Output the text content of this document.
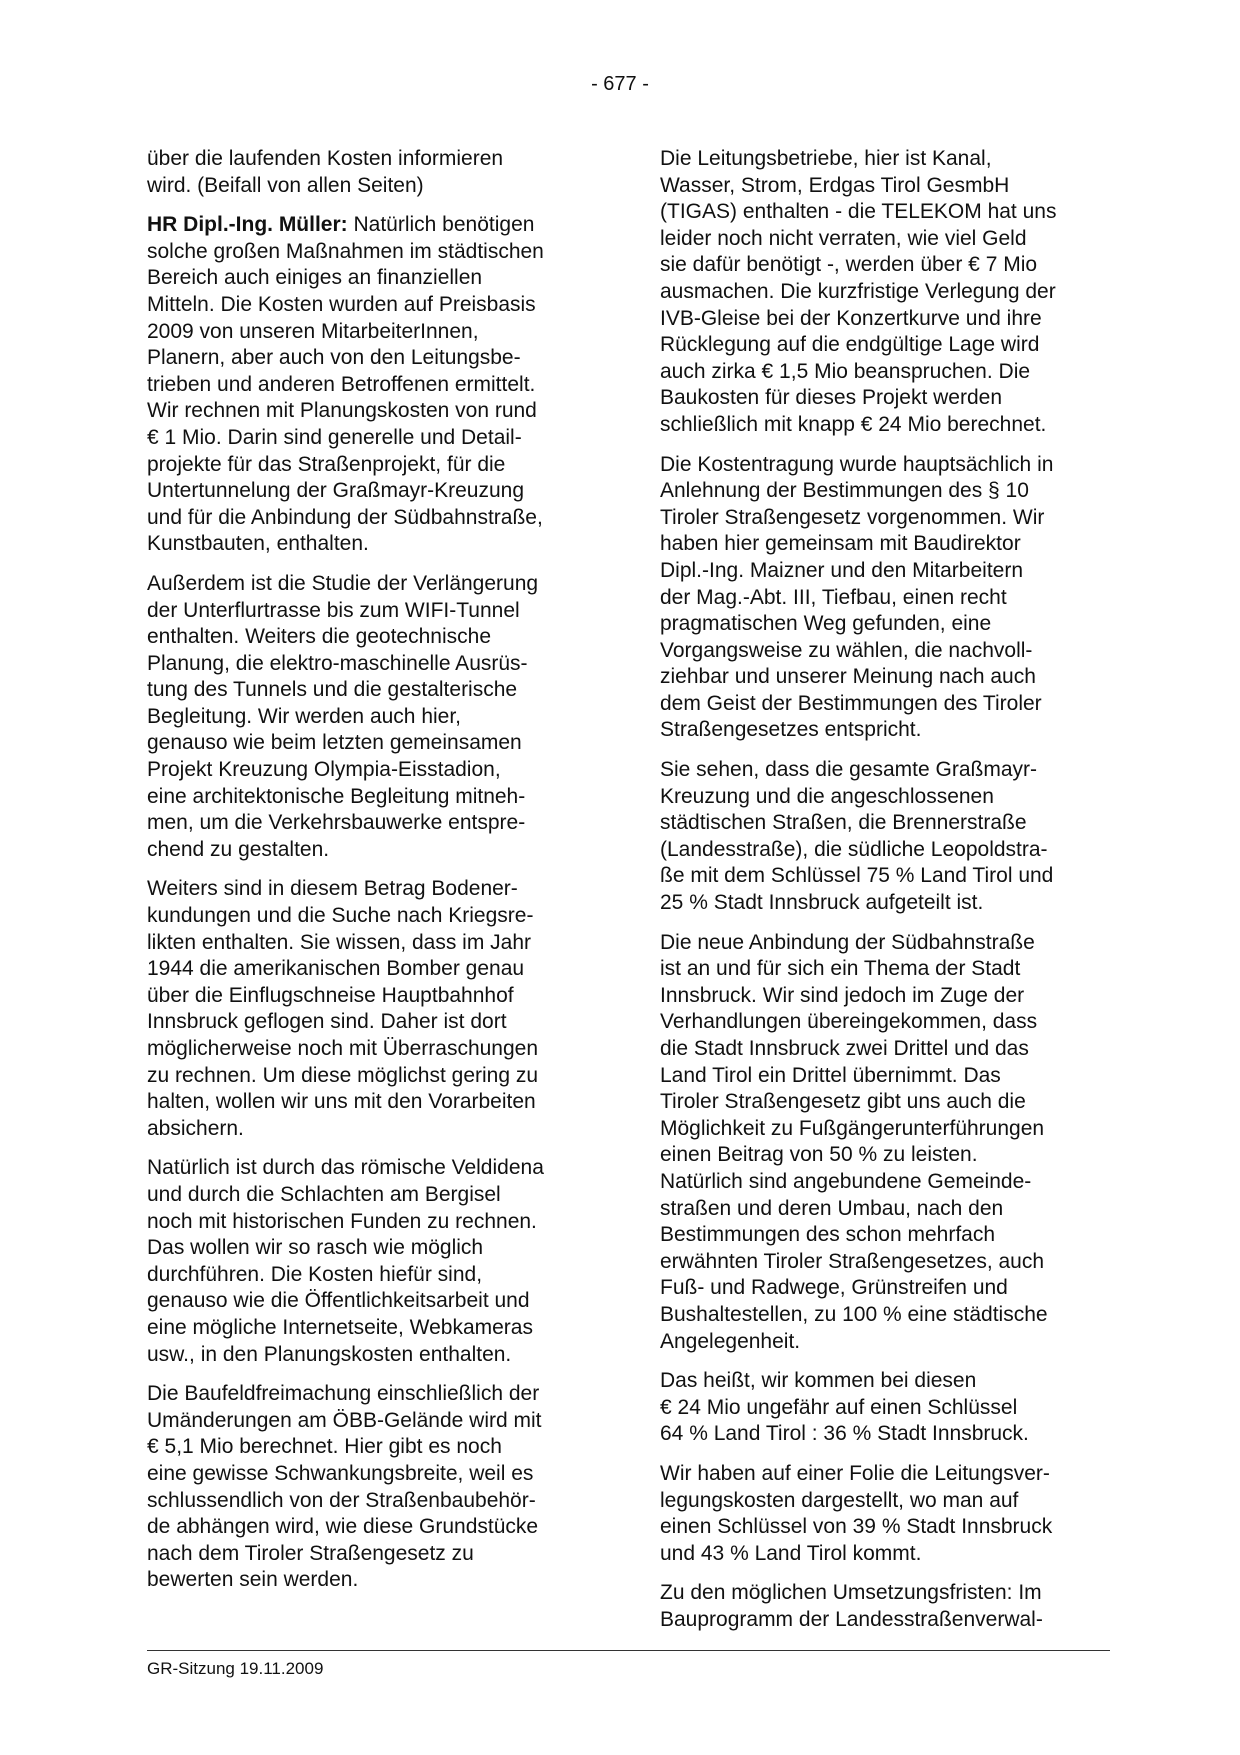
- 677 -

über die laufenden Kosten informieren
wird. (Beifall von allen Seiten)

HR Dipl.-Ing. Müller: Natürlich benötigen
solche großen Maßnahmen im städtischen
Bereich auch einiges an finanziellen
Mitteln. Die Kosten wurden auf Preisbasis
2009 von unseren MitarbeiterInnen,
Planern, aber auch von den Leitungsbe-
trieben und anderen Betroffenen ermittelt.
Wir rechnen mit Planungskosten von rund
€ 1 Mio. Darin sind generelle und Detail-
projekte für das Straßenprojekt, für die
Untertunnelung der Graßmayr-Kreuzung
und für die Anbindung der Südbahnstraße,
Kunstbauten, enthalten.

Außerdem ist die Studie der Verlängerung
der Unterflurtrasse bis zum WIFI-Tunnel
enthalten. Weiters die geotechnische
Planung, die elektro-maschinelle Ausrüs-
tung des Tunnels und die gestalterische
Begleitung. Wir werden auch hier,
genauso wie beim letzten gemeinsamen
Projekt Kreuzung Olympia-Eisstadion,
eine architektonische Begleitung mitneh-
men, um die Verkehrsbauwerke entspre-
chend zu gestalten.

Weiters sind in diesem Betrag Bodener-
kundungen und die Suche nach Kriegsre-
likten enthalten. Sie wissen, dass im Jahr
1944 die amerikanischen Bomber genau
über die Einflugschneise Hauptbahnhof
Innsbruck geflogen sind. Daher ist dort
möglicherweise noch mit Überraschungen
zu rechnen. Um diese möglichst gering zu
halten, wollen wir uns mit den Vorarbeiten
absichern.

Natürlich ist durch das römische Veldidena
und durch die Schlachten am Bergisel
noch mit historischen Funden zu rechnen.
Das wollen wir so rasch wie möglich
durchführen. Die Kosten hiefür sind,
genauso wie die Öffentlichkeitsarbeit und
eine mögliche Internetseite, Webkameras
usw., in den Planungskosten enthalten.

Die Baufeldfreimachung einschließlich der
Umänderungen am ÖBB-Gelände wird mit
€ 5,1 Mio berechnet. Hier gibt es noch
eine gewisse Schwankungsbreite, weil es
schlussendlich von der Straßenbaubehör-
de abhängen wird, wie diese Grundstücke
nach dem Tiroler Straßengesetz zu
bewerten sein werden.

Die Leitungsbetriebe, hier ist Kanal,
Wasser, Strom, Erdgas Tirol GesmbH
(TIGAS) enthalten - die TELEKOM hat uns
leider noch nicht verraten, wie viel Geld
sie dafür benötigt -, werden über € 7 Mio
ausmachen. Die kurzfristige Verlegung der
IVB-Gleise bei der Konzertkurve und ihre
Rücklegung auf die endgültige Lage wird
auch zirka € 1,5 Mio beanspruchen. Die
Baukosten für dieses Projekt werden
schließlich mit knapp € 24 Mio berechnet.

Die Kostentragung wurde hauptsächlich in
Anlehnung der Bestimmungen des § 10
Tiroler Straßengesetz vorgenommen. Wir
haben hier gemeinsam mit Baudirektor
Dipl.-Ing. Maizner und den Mitarbeitern
der Mag.-Abt. III, Tiefbau, einen recht
pragmatischen Weg gefunden, eine
Vorgangsweise zu wählen, die nachvoll-
ziehbar und unserer Meinung nach auch
dem Geist der Bestimmungen des Tiroler
Straßengesetzes entspricht.

Sie sehen, dass die gesamte Graßmayr-
Kreuzung und die angeschlossenen
städtischen Straßen, die Brennerstraße
(Landesstraße), die südliche Leopoldstra-
ße mit dem Schlüssel 75 % Land Tirol und
25 % Stadt Innsbruck aufgeteilt ist.

Die neue Anbindung der Südbahnstraße
ist an und für sich ein Thema der Stadt
Innsbruck. Wir sind jedoch im Zuge der
Verhandlungen übereingekommen, dass
die Stadt Innsbruck zwei Drittel und das
Land Tirol ein Drittel übernimmt. Das
Tiroler Straßengesetz gibt uns auch die
Möglichkeit zu Fußgängerunterführungen
einen Beitrag von 50 % zu leisten.
Natürlich sind angebundene Gemeinde-
straßen und deren Umbau, nach den
Bestimmungen des schon mehrfach
erwähnten Tiroler Straßengesetzes, auch
Fuß- und Radwege, Grünstreifen und
Bushaltestellen, zu 100 % eine städtische
Angelegenheit.

Das heißt, wir kommen bei diesen
€ 24 Mio ungefähr auf einen Schlüssel
64 % Land Tirol : 36 % Stadt Innsbruck.

Wir haben auf einer Folie die Leitungsver-
legungskosten dargestellt, wo man auf
einen Schlüssel von 39 % Stadt Innsbruck
und 43 % Land Tirol kommt.

Zu den möglichen Umsetzungsfristen: Im
Bauprogramm der Landesstraßenverwal-

GR-Sitzung 19.11.2009
